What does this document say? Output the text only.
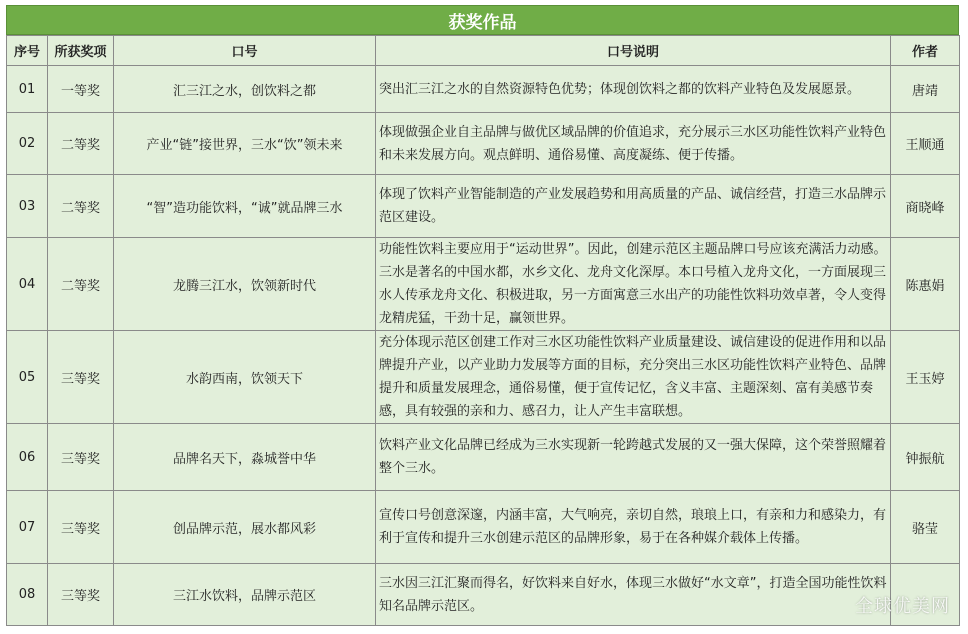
获奖作品
序号	所获奖项	口号	口号说明	作者
01	一等奖	汇三江之水，创饮料之都	突出汇三江之水的自然资源特色优势；体现创饮料之都的饮料产业特色及发展愿景。	唐靖
02	二等奖	产业“链”接世界，三水“饮”领未来	体现做强企业自主品牌与做优区域品牌的价值追求，充分展示三水区功能性饮料产业特色和未来发展方向。观点鲜明、通俗易懂、高度凝练、便于传播。	王顺通
03	二等奖	“智”造功能饮料，“诚”就品牌三水	体现了饮料产业智能制造的产业发展趋势和用高质量的产品、诚信经营，打造三水品牌示范区建设。	商晓峰
04	二等奖	龙腾三江水，饮领新时代	功能性饮料主要应用于“运动世界”。因此，创建示范区主题品牌口号应该充满活力动感。三水是著名的中国水都，水乡文化、龙舟文化深厚。本口号植入龙舟文化，一方面展现三水人传承龙舟文化、积极进取，另一方面寓意三水出产的功能性饮料功效卓著，令人变得龙精虎猛，干劲十足，赢领世界。	陈惠娟
05	三等奖	水韵西南，饮领天下	充分体现示范区创建工作对三水区功能性饮料产业质量建设、诚信建设的促进作用和以品牌提升产业，以产业助力发展等方面的目标，充分突出三水区功能性饮料产业特色、品牌提升和质量发展理念，通俗易懂，便于宣传记忆，含义丰富、主题深刻、富有美感节奏感，具有较强的亲和力、感召力，让人产生丰富联想。	王玉婷
06	三等奖	品牌名天下，淼城誉中华	饮料产业文化品牌已经成为三水实现新一轮跨越式发展的又一强大保障，这个荣誉照耀着整个三水。	钟振航
07	三等奖	创品牌示范，展水都风彩	宣传口号创意深邃，内涵丰富，大气响亮，亲切自然，琅琅上口，有亲和力和感染力，有利于宣传和提升三水创建示范区的品牌形象，易于在各种媒介载体上传播。	骆莹
08	三等奖	三江水饮料，品牌示范区	三水因三江汇聚而得名，好饮料来自好水，体现三水做好“水文章”，打造全国功能性饮料知名品牌示范区。		全球优美网
